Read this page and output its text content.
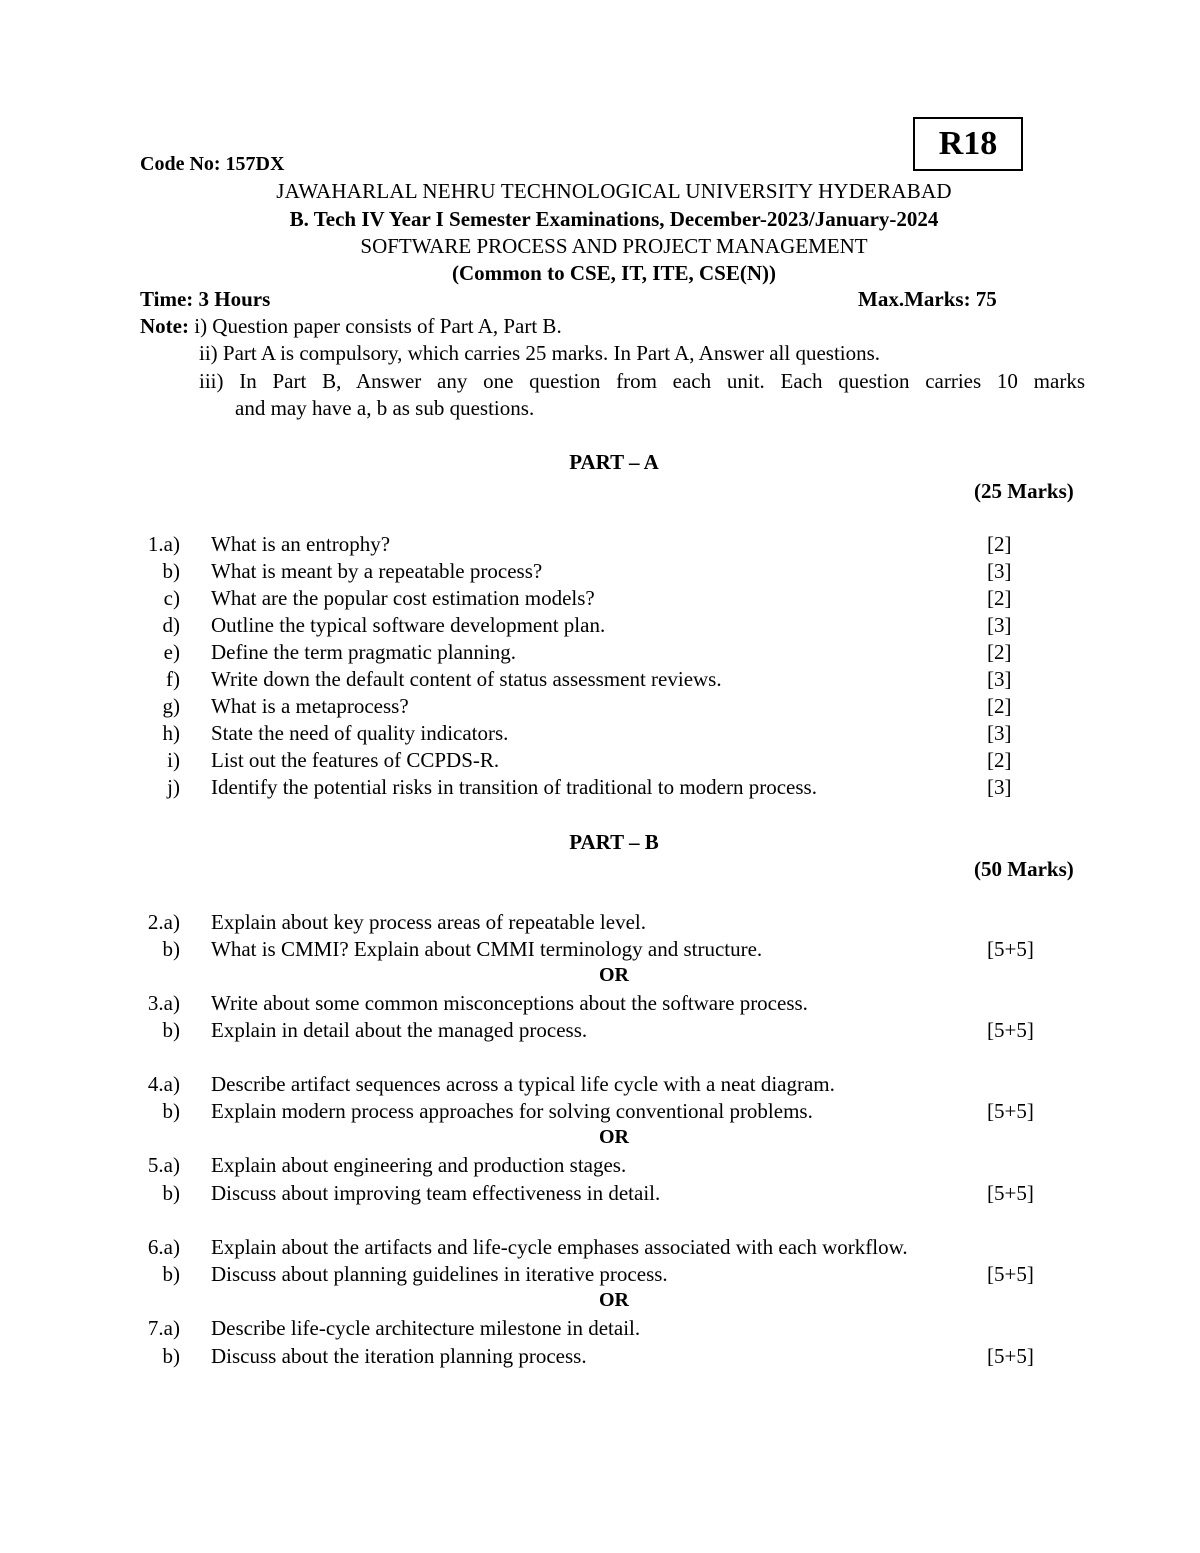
Code No: 157DX
R18
JAWAHARLAL NEHRU TECHNOLOGICAL UNIVERSITY HYDERABAD
B. Tech IV Year I Semester Examinations, December-2023/January-2024
SOFTWARE PROCESS AND PROJECT MANAGEMENT
(Common to CSE, IT, ITE, CSE(N))
Time: 3 Hours	Max.Marks: 75
Note: i) Question paper consists of Part A, Part B.
ii) Part A is compulsory, which carries 25 marks. In Part A, Answer all questions.
iii) In Part B, Answer any one question from each unit. Each question carries 10 marks
and may have a, b as sub questions.
PART – A
(25 Marks)
1.a) What is an entrophy?	[2]
b) What is meant by a repeatable process?	[3]
c) What are the popular cost estimation models?	[2]
d) Outline the typical software development plan.	[3]
e) Define the term pragmatic planning.	[2]
f) Write down the default content of status assessment reviews.	[3]
g) What is a metaprocess?	[2]
h) State the need of quality indicators.	[3]
i) List out the features of CCPDS-R.	[2]
j) Identify the potential risks in transition of traditional to modern process.	[3]
PART – B
(50 Marks)
2.a) Explain about key process areas of repeatable level.
b) What is CMMI? Explain about CMMI terminology and structure.	[5+5]
OR
3.a) Write about some common misconceptions about the software process.
b) Explain in detail about the managed process.	[5+5]
4.a) Describe artifact sequences across a typical life cycle with a neat diagram.
b) Explain modern process approaches for solving conventional problems.	[5+5]
OR
5.a) Explain about engineering and production stages.
b) Discuss about improving team effectiveness in detail.	[5+5]
6.a) Explain about the artifacts and life-cycle emphases associated with each workflow.
b) Discuss about planning guidelines in iterative process.	[5+5]
OR
7.a) Describe life-cycle architecture milestone in detail.
b) Discuss about the iteration planning process.	[5+5]
